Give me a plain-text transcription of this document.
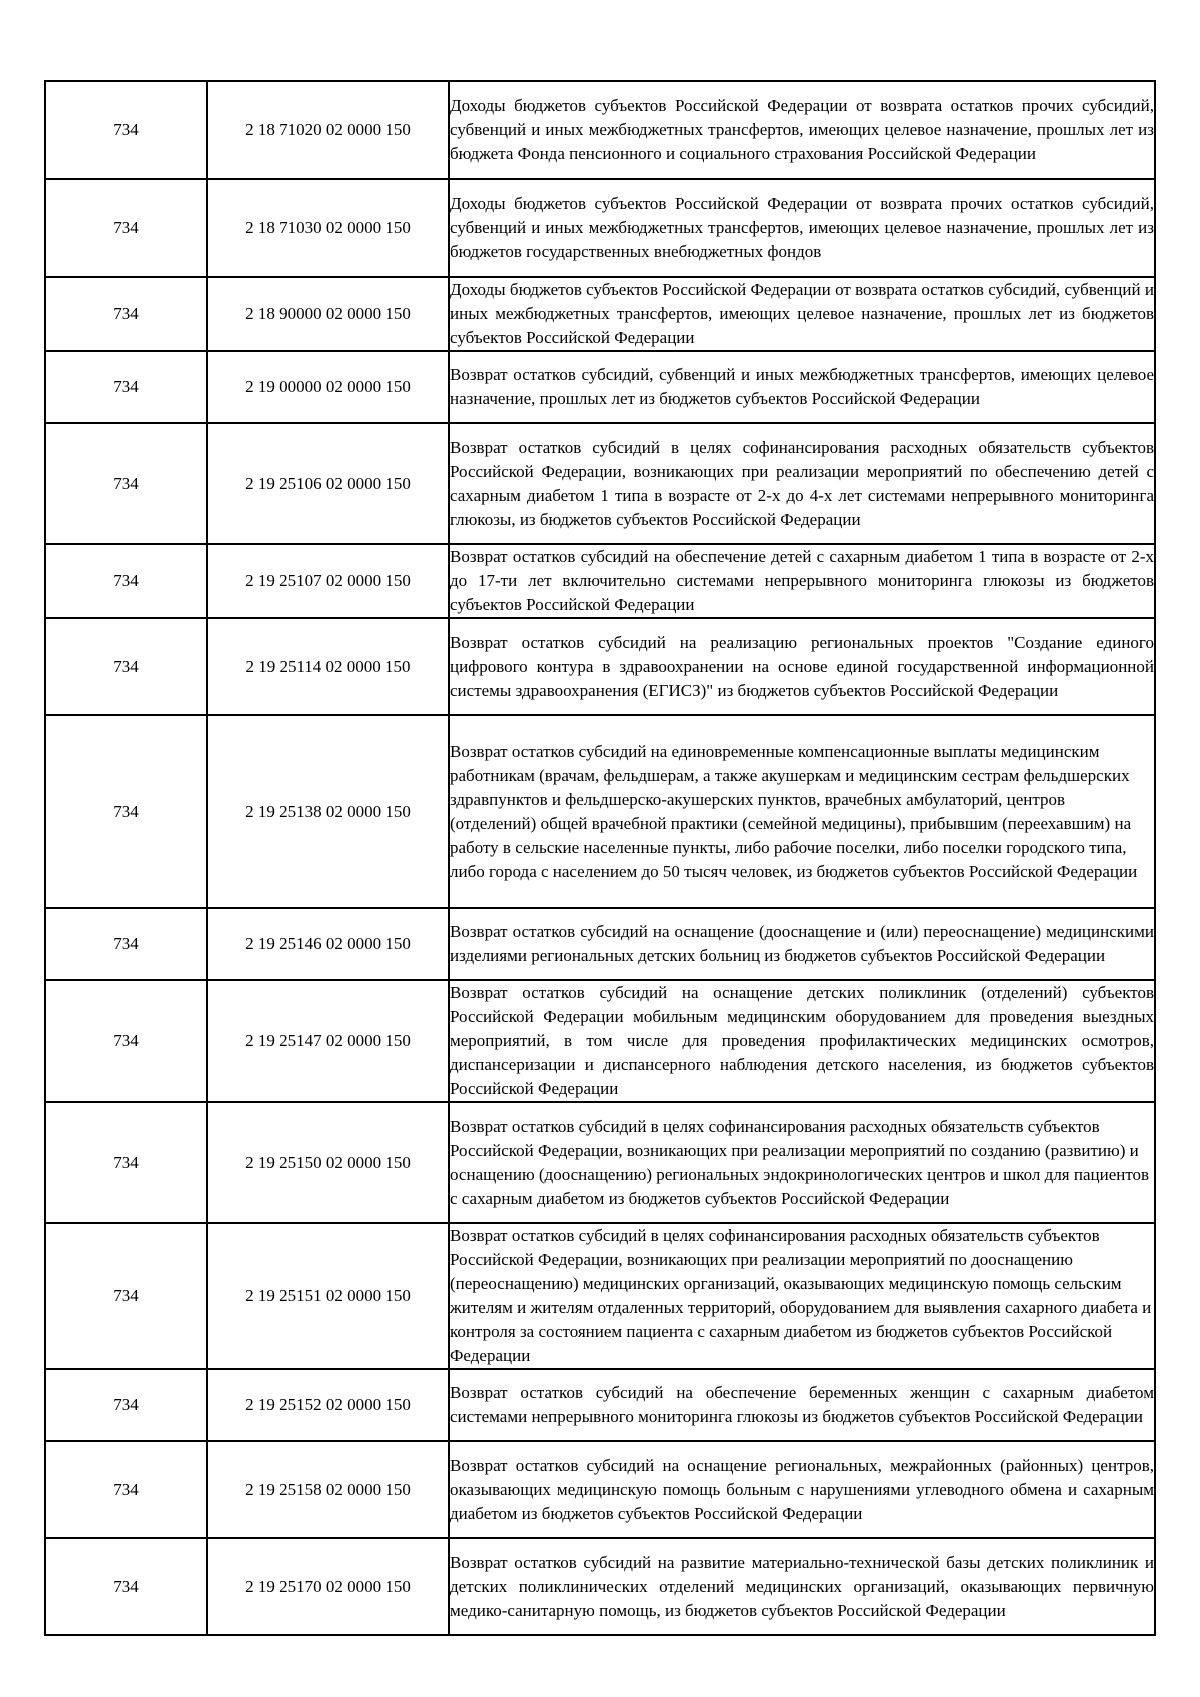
734	2 18 71020 02 0000 150	Доходы бюджетов субъектов Российской Федерации от возврата остатков прочих субсидий, субвенций и иных межбюджетных трансфертов, имеющих целевое назначение, прошлых лет из бюджета Фонда пенсионного и социального страхования Российской Федерации

734	2 18 71030 02 0000 150	Доходы бюджетов субъектов Российской Федерации от возврата прочих остатков субсидий, субвенций и иных межбюджетных трансфертов, имеющих целевое назначение, прошлых лет из бюджетов государственных внебюджетных фондов

734	2 18 90000 02 0000 150	Доходы бюджетов субъектов Российской Федерации от возврата остатков субсидий, субвенций и иных межбюджетных трансфертов, имеющих целевое назначение, прошлых лет из бюджетов субъектов Российской Федерации

734	2 19 00000 02 0000 150	Возврат остатков субсидий, субвенций и иных межбюджетных трансфертов, имеющих целевое назначение, прошлых лет из бюджетов субъектов Российской Федерации

734	2 19 25106 02 0000 150	Возврат остатков субсидий в целях софинансирования расходных обязательств субъектов Российской Федерации, возникающих при реализации мероприятий по обеспечению детей с сахарным диабетом 1 типа в возрасте от 2-х до 4-х лет системами непрерывного мониторинга глюкозы, из бюджетов субъектов Российской Федерации

734	2 19 25107 02 0000 150	Возврат остатков субсидий на обеспечение детей с сахарным диабетом 1 типа в возрасте от 2-х до 17-ти лет включительно системами непрерывного мониторинга глюкозы из бюджетов субъектов Российской Федерации

734	2 19 25114 02 0000 150	Возврат остатков субсидий на реализацию региональных проектов "Создание единого цифрового контура в здравоохранении на основе единой государственной информационной системы здравоохранения (ЕГИСЗ)" из бюджетов субъектов Российской Федерации

734	2 19 25138 02 0000 150	Возврат остатков субсидий на единовременные компенсационные выплаты медицинским работникам (врачам, фельдшерам, а также акушеркам и медицинским сестрам фельдшерских здравпунктов и фельдшерско-акушерских пунктов, врачебных амбулаторий, центров (отделений) общей врачебной практики (семейной медицины), прибывшим (переехавшим) на работу в сельские населенные пункты, либо рабочие поселки, либо поселки городского типа, либо города с населением до 50 тысяч человек, из бюджетов субъектов Российской Федерации

734	2 19 25146 02 0000 150	Возврат остатков субсидий на оснащение (дооснащение и (или) переоснащение) медицинскими изделиями региональных детских больниц из бюджетов субъектов Российской Федерации

734	2 19 25147 02 0000 150	Возврат остатков субсидий на оснащение детских поликлиник (отделений) субъектов Российской Федерации мобильным медицинским оборудованием для проведения выездных мероприятий, в том числе для проведения профилактических медицинских осмотров, диспансеризации и диспансерного наблюдения детского населения, из бюджетов субъектов Российской Федерации

734	2 19 25150 02 0000 150	Возврат остатков субсидий в целях софинансирования расходных обязательств субъектов Российской Федерации, возникающих при реализации мероприятий по созданию (развитию) и оснащению (дооснащению) региональных эндокринологических центров и школ для пациентов с сахарным диабетом из бюджетов субъектов Российской Федерации

734	2 19 25151 02 0000 150	Возврат остатков субсидий в целях софинансирования расходных обязательств субъектов Российской Федерации, возникающих при реализации мероприятий по дооснащению (переоснащению) медицинских организаций, оказывающих медицинскую помощь сельским жителям и жителям отдаленных территорий, оборудованием для выявления сахарного диабета и контроля за состоянием пациента с сахарным диабетом из бюджетов субъектов Российской Федерации

734	2 19 25152 02 0000 150	Возврат остатков субсидий на обеспечение беременных женщин с сахарным диабетом системами непрерывного мониторинга глюкозы из бюджетов субъектов Российской Федерации

734	2 19 25158 02 0000 150	Возврат остатков субсидий на оснащение региональных, межрайонных (районных) центров, оказывающих медицинскую помощь больным с нарушениями углеводного обмена и сахарным диабетом из бюджетов субъектов Российской Федерации

734	2 19 25170 02 0000 150	Возврат остатков субсидий на развитие материально-технической базы детских поликлиник и детских поликлинических отделений медицинских организаций, оказывающих первичную медико-санитарную помощь, из бюджетов субъектов Российской Федерации
